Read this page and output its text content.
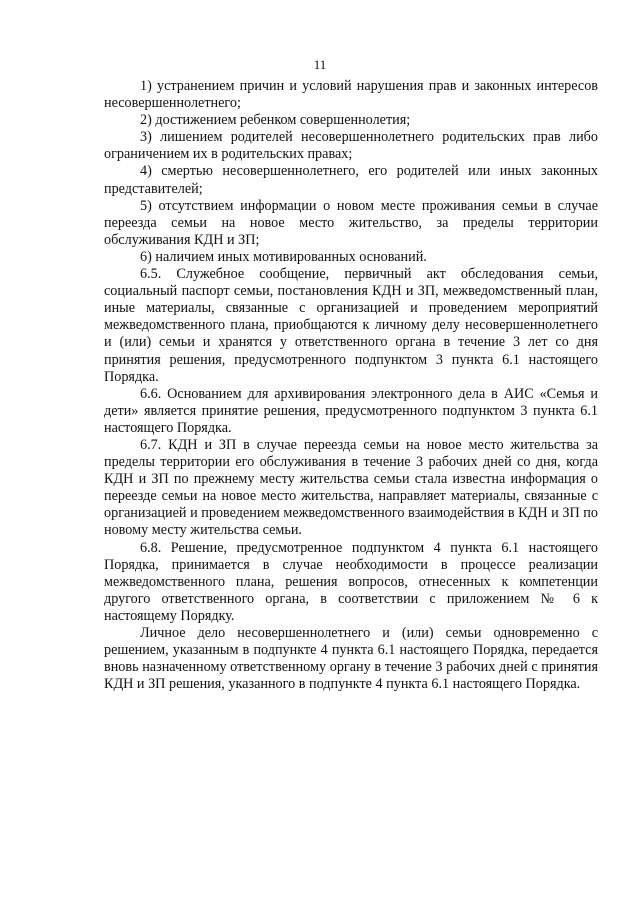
11

1) устранением причин и условий нарушения прав и законных интересов несовершеннолетнего;

2) достижением ребенком совершеннолетия;

3) лишением родителей несовершеннолетнего родительских прав либо ограничением их в родительских правах;

4) смертью несовершеннолетнего, его родителей или иных законных представителей;

5) отсутствием информации о новом месте проживания семьи в случае переезда семьи на новое место жительство, за пределы территории обслуживания КДН и ЗП;

6) наличием иных мотивированных оснований.

6.5. Служебное сообщение, первичный акт обследования семьи, социальный паспорт семьи, постановления КДН и ЗП, межведомственный план, иные материалы, связанные с организацией и проведением мероприятий межведомственного плана, приобщаются к личному делу несовершеннолетнего и (или) семьи и хранятся у ответственного органа в течение 3 лет со дня принятия решения, предусмотренного подпунктом 3 пункта 6.1 настоящего Порядка.

6.6. Основанием для архивирования электронного дела в АИС «Семья и дети» является принятие решения, предусмотренного подпунктом 3 пункта 6.1 настоящего Порядка.

6.7. КДН и ЗП в случае переезда семьи на новое место жительства за пределы территории его обслуживания в течение 3 рабочих дней со дня, когда КДН и ЗП по прежнему месту жительства семьи стала известна информация о переезде семьи на новое место жительства, направляет материалы, связанные с организацией и проведением межведомственного взаимодействия в КДН и ЗП по новому месту жительства семьи.

6.8. Решение, предусмотренное подпунктом 4 пункта 6.1 настоящего Порядка, принимается в случае необходимости в процессе реализации межведомственного плана, решения вопросов, отнесенных к компетенции другого ответственного органа, в соответствии с приложением № 6 к настоящему Порядку.

Личное дело несовершеннолетнего и (или) семьи одновременно с решением, указанным в подпункте 4 пункта 6.1 настоящего Порядка, передается вновь назначенному ответственному органу в течение 3 рабочих дней с принятия КДН и ЗП решения, указанного в подпункте 4 пункта 6.1 настоящего Порядка.
